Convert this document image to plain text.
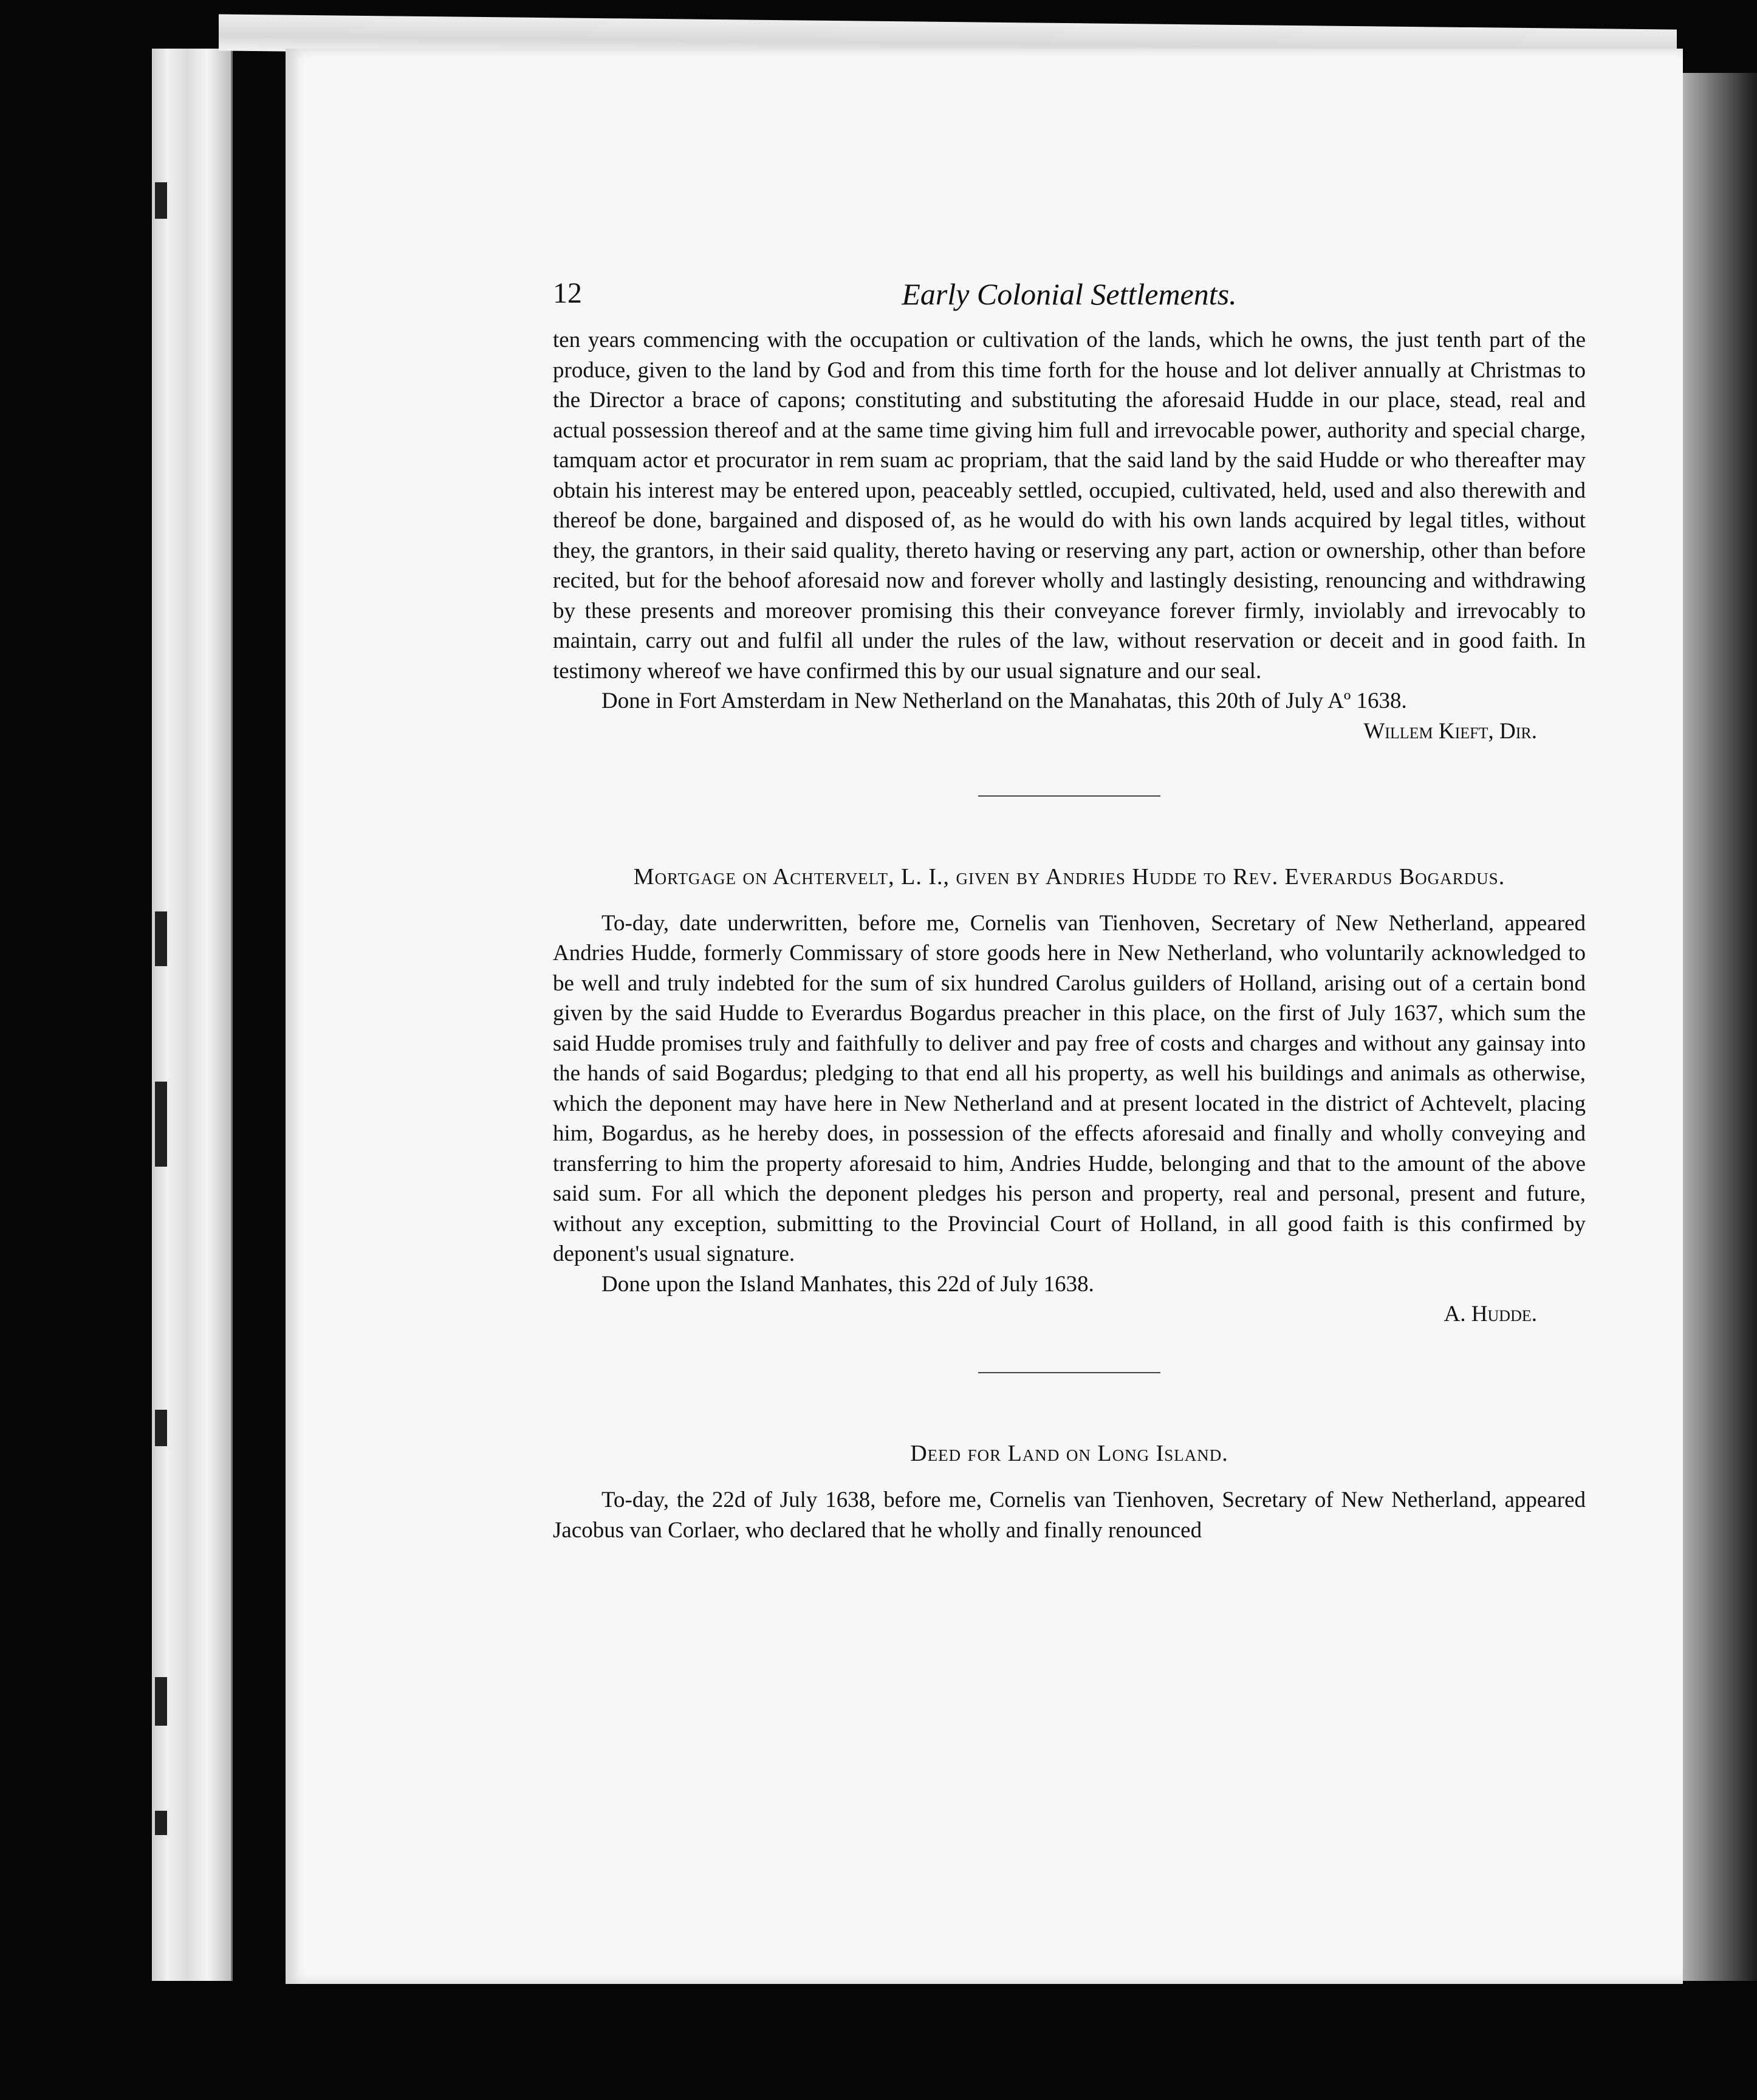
12	Early Colonial Settlements.

ten years commencing with the occupation or cultivation of the lands, which he owns, the just tenth part of the produce, given to the land by God and from this time forth for the house and lot deliver annually at Christmas to the Director a brace of capons; constituting and substituting the aforesaid Hudde in our place, stead, real and actual possession thereof and at the same time giving him full and irrevocable power, authority and special charge, tamquam actor et procurator in rem suam ac propriam, that the said land by the said Hudde or who thereafter may obtain his interest may be entered upon, peaceably settled, occupied, cultivated, held, used and also therewith and thereof be done, bargained and disposed of, as he would do with his own lands acquired by legal titles, without they, the grantors, in their said quality, thereto having or reserving any part, action or ownership, other than before recited, but for the behoof aforesaid now and forever wholly and lastingly desisting, renouncing and withdrawing by these presents and moreover promising this their conveyance forever firmly, inviolably and irrevocably to maintain, carry out and fulfil all under the rules of the law, without reservation or deceit and in good faith. In testimony whereof we have confirmed this by our usual signature and our seal.

Done in Fort Amsterdam in New Netherland on the Manahatas, this 20th of July Aº 1638.

Willem Kieft, Dir.

Mortgage on Achtervelt, L. I., given by Andries Hudde to Rev. Everardus Bogardus.

To-day, date underwritten, before me, Cornelis van Tienhoven, Secretary of New Netherland, appeared Andries Hudde, formerly Commissary of store goods here in New Netherland, who voluntarily acknowledged to be well and truly indebted for the sum of six hundred Carolus guilders of Holland, arising out of a certain bond given by the said Hudde to Everardus Bogardus preacher in this place, on the first of July 1637, which sum the said Hudde promises truly and faithfully to deliver and pay free of costs and charges and without any gainsay into the hands of said Bogardus; pledging to that end all his property, as well his buildings and animals as otherwise, which the deponent may have here in New Netherland and at present located in the district of Achtevelt, placing him, Bogardus, as he hereby does, in possession of the effects aforesaid and finally and wholly conveying and transferring to him the property aforesaid to him, Andries Hudde, belonging and that to the amount of the above said sum. For all which the deponent pledges his person and property, real and personal, present and future, without any exception, submitting to the Provincial Court of Holland, in all good faith is this confirmed by deponent's usual signature.

Done upon the Island Manhates, this 22d of July 1638.

A. Hudde.

Deed for Land on Long Island.

To-day, the 22d of July 1638, before me, Cornelis van Tienhoven, Secretary of New Netherland, appeared Jacobus van Corlaer, who declared that he wholly and finally renounced
